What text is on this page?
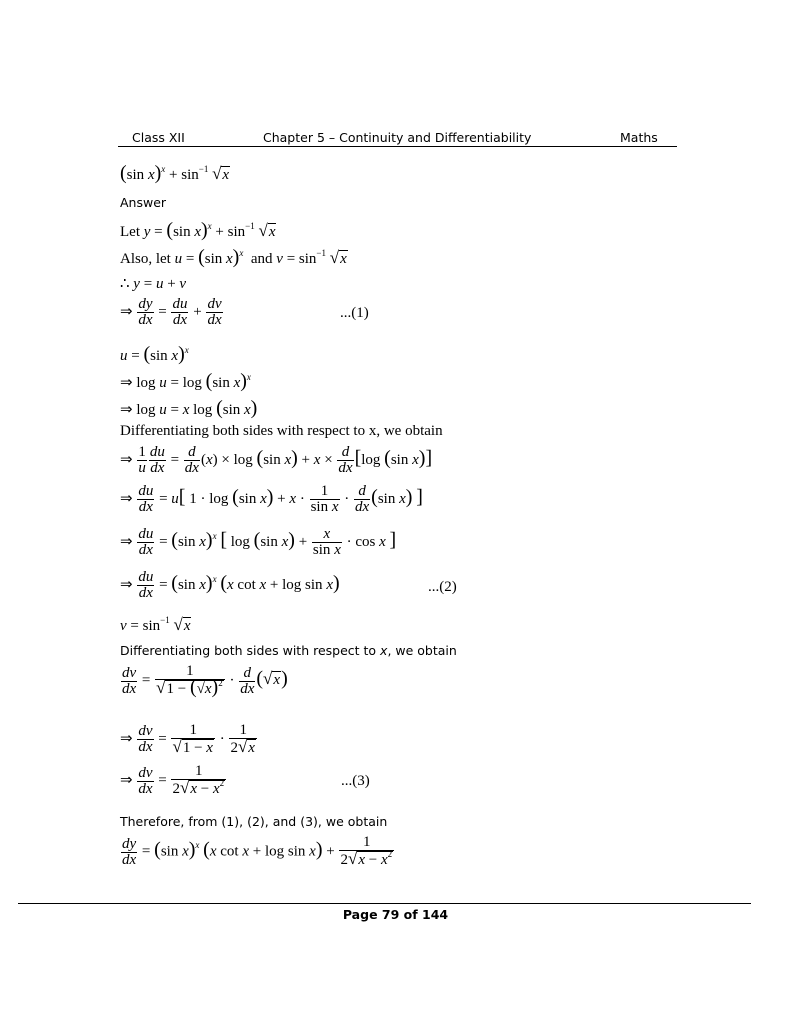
Class XII	Chapter 5 – Continuity and Differentiability	Maths
(sin $x)^x + \sin^{-1} √x$
Answer
Let y = (sin $x)^x + \sin^{-1} √x$
Also, let u = (sin x)$^x$  and $v = \sin^{-1} √x$
∴ y = u + v
⇒ $\frac{dy}{dx} = \frac{du}{dx} + \frac{dv}{dx}$	...(1)
u = (sin x)$^x$
⇒ log u = log (sin x)$^x$
⇒ log u = x log (sin x)
Differentiating both sides with respect to x, we obtain
⇒ $\frac{1}{u} \frac{du}{dx} = \frac{d}{dx} (x) \times \log (\sin$ $x) + x \times \frac{d}{dx} [\log$ (sin x)]
⇒ $\frac{du}{dx} = u$[ 1 · log (sin $x) + x \cdot \frac{1}{\text{sin x}} \cdot \frac{d}{dx} (\sin$ x) ]
⇒ $\frac{du}{dx} = (\sin$ x)$^x$ [ log (sin $x) + \frac{x}{\text{sin x}} \cdot \cos x$ ]
⇒ $\frac{du}{dx} = (\sin$ x)$^x$ (x cot x + log sin x)	...(2)
$v = \sin^{-1} √x$
Differentiating both sides with respect to x, we obtain
$\frac{dv}{dx} = \frac{1}{√1 - (√x)^2} \cdot \frac{d}{dx} (√x)$
⇒ $\frac{dv}{dx} = \frac{1}{√1 - x} \cdot \frac{1}{2√x}$
⇒ $\frac{dv}{dx} = \frac{1}{2√x - x^2}$	...(3)
Therefore, from (1), (2), and (3), we obtain
$\frac{dy}{dx} = (\sin$ x)$^x$ (x $\cot x + \log \sin x) + \frac{1}{2√x - x^2}$
Page 79 of 144
